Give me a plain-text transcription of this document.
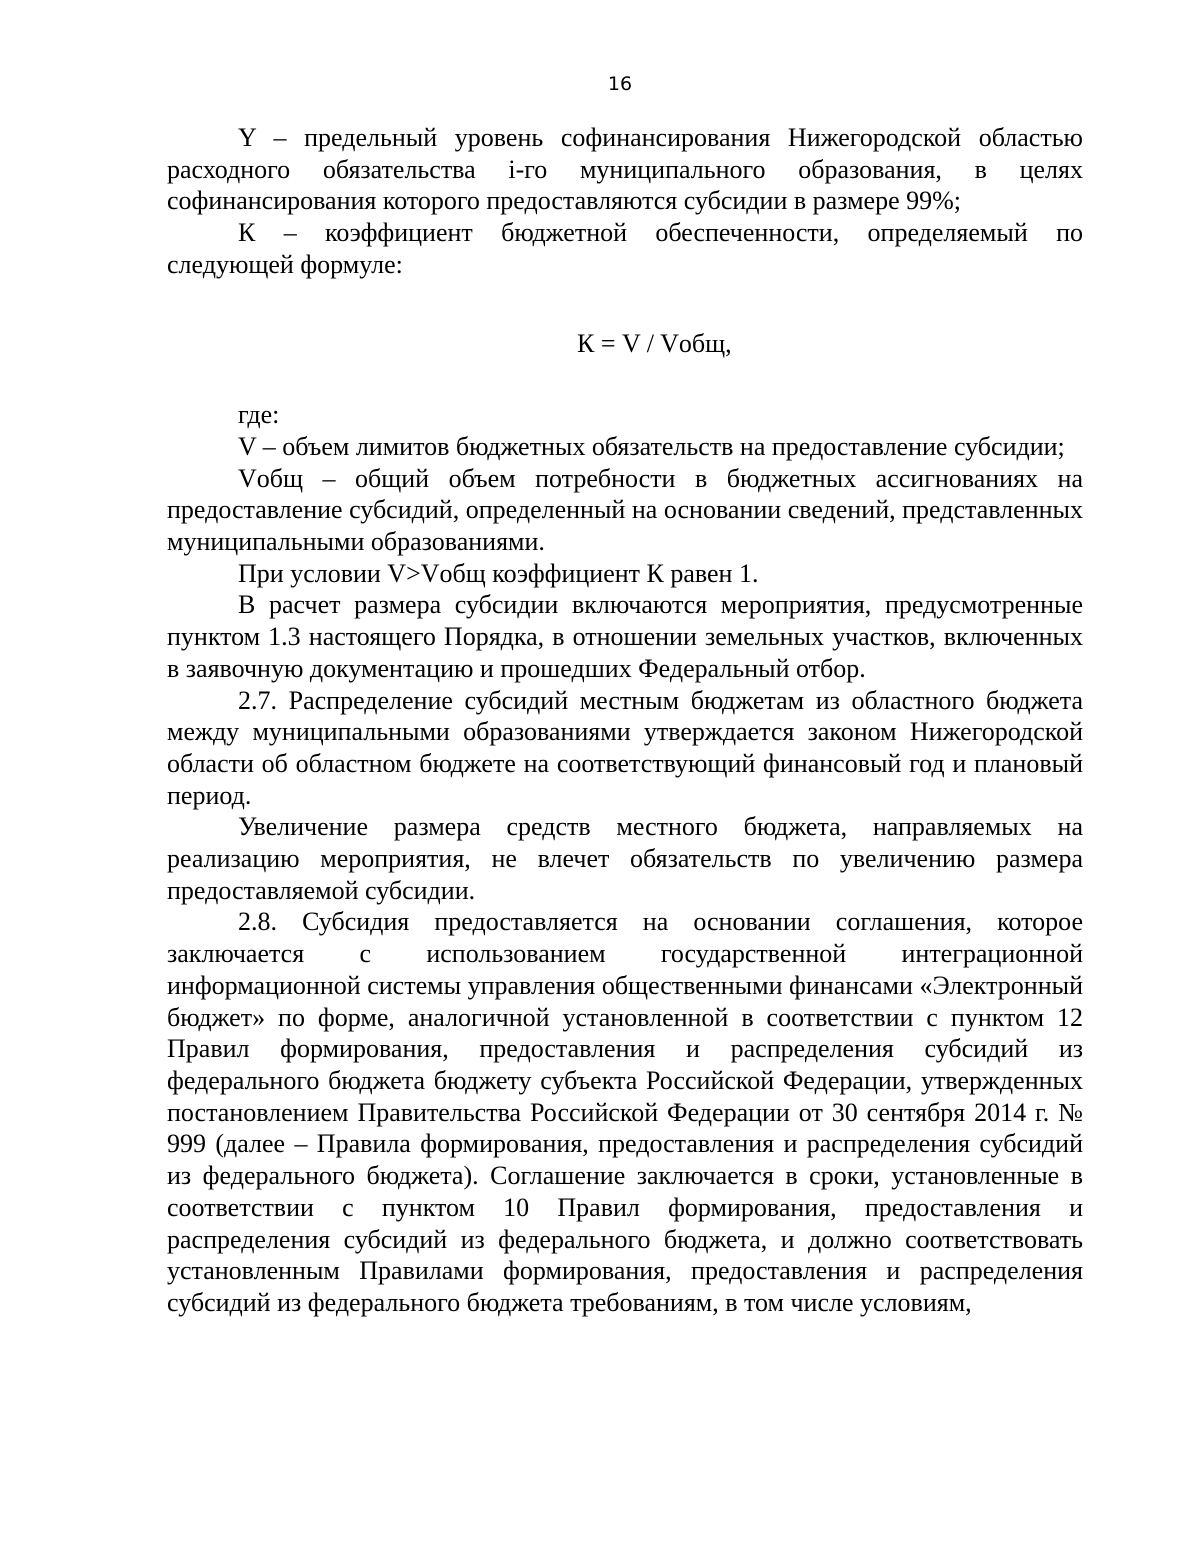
16

Y – предельный уровень софинансирования Нижегородской областью расходного обязательства i-го муниципального образования, в целях софинансирования которого предоставляются субсидии в размере 99%;

К – коэффициент бюджетной обеспеченности, определяемый по следующей формуле:

К = V / Vобщ,

где:

V – объем лимитов бюджетных обязательств на предоставление субсидии;

Vобщ – общий объем потребности в бюджетных ассигнованиях на предоставление субсидий, определенный на основании сведений, представленных муниципальными образованиями.

При условии V>Vобщ коэффициент К равен 1.

В расчет размера субсидии включаются мероприятия, предусмотренные пунктом 1.3 настоящего Порядка, в отношении земельных участков, включенных в заявочную документацию и прошедших Федеральный отбор.

2.7. Распределение субсидий местным бюджетам из областного бюджета между муниципальными образованиями утверждается законом Нижегородской области об областном бюджете на соответствующий финансовый год и плановый период.

Увеличение размера средств местного бюджета, направляемых на реализацию мероприятия, не влечет обязательств по увеличению размера предоставляемой субсидии.

2.8. Субсидия предоставляется на основании соглашения, которое заключается с использованием государственной интеграционной информационной системы управления общественными финансами «Электронный бюджет» по форме, аналогичной установленной в соответствии с пунктом 12 Правил формирования, предоставления и распределения субсидий из федерального бюджета бюджету субъекта Российской Федерации, утвержденных постановлением Правительства Российской Федерации от 30 сентября 2014 г. № 999 (далее – Правила формирования, предоставления и распределения субсидий из федерального бюджета). Соглашение заключается в сроки, установленные в соответствии с пунктом 10 Правил формирования, предоставления и распределения субсидий из федерального бюджета, и должно соответствовать установленным Правилами формирования, предоставления и распределения субсидий из федерального бюджета требованиям, в том числе условиям,
